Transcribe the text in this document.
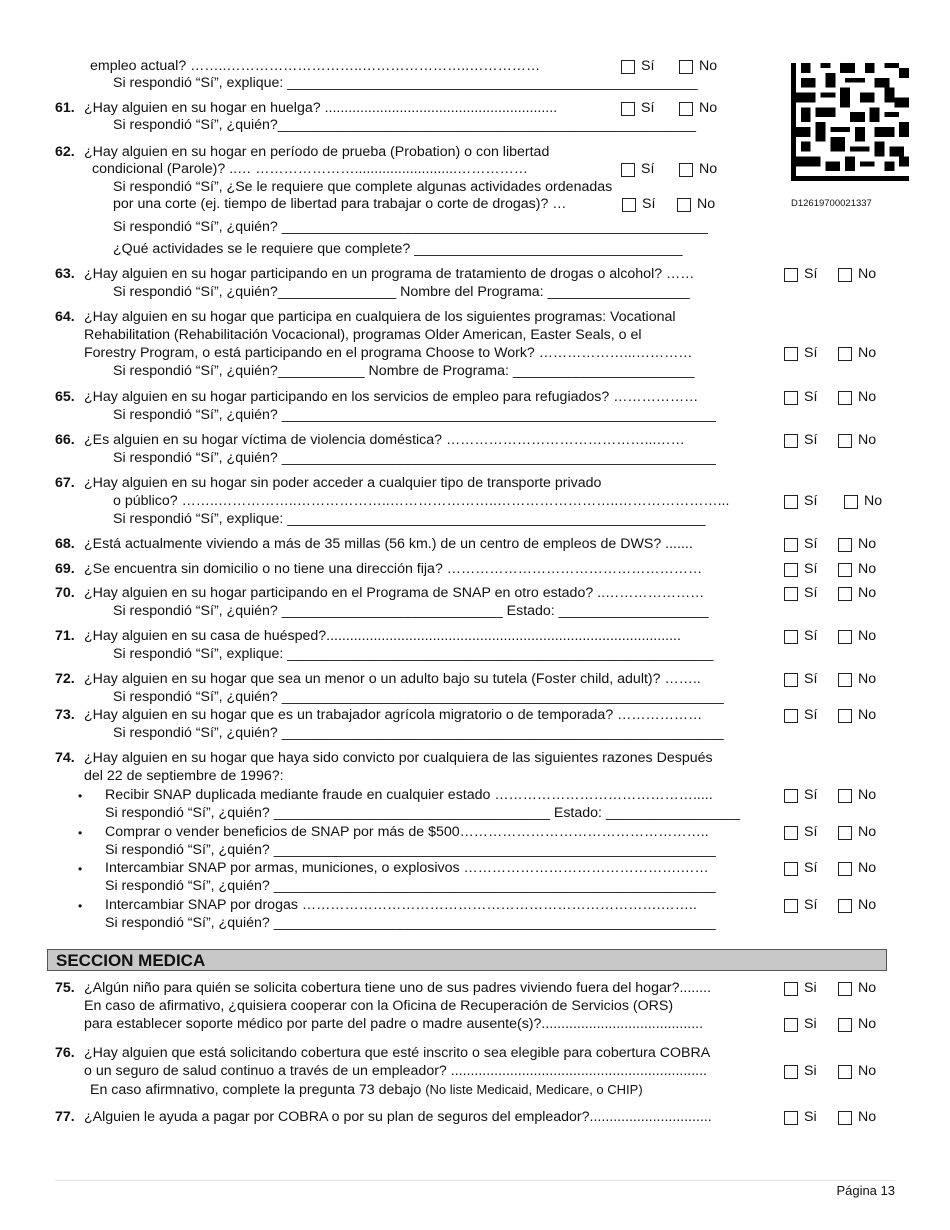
D12619700021337
empleo actual? ……..………………………..…………………..……………
Si respondió “Sí”, explique: ____________________________________________________
Sí	No
61. ¿Hay alguien en su hogar en huelga? ...........................................................
Si respondió “Sí”, ¿quién?_____________________________________________________
Sí	No
62. ¿Hay alguien en su hogar en período de prueba (Probation) o con libertad
condicional (Parole)? ..… …………………..........................……………	Sí	No
Si respondió “Sí”, ¿Se le requiere que complete algunas actividades ordenadas
por una corte (ej. tiempo de libertad para trabajar o corte de drogas)? …	Sí	No
Si respondió “Sí”, ¿quién? ______________________________________________________
¿Qué actividades se le requiere que complete? __________________________________
63. ¿Hay alguien en su hogar participando en un programa de tratamiento de drogas o alcohol? ……
Si respondió “Sí”, ¿quién?_______________ Nombre del Programa: __________________
Sí	No
64. ¿Hay alguien en su hogar que participa en cualquiera de los siguientes programas: Vocational
Rehabilitation (Rehabilitación Vocacional), programas Older American, Easter Seals, o el
Forestry Program, o está participando en el programa Choose to Work? ………………...…………
Si respondió “Sí”, ¿quién?___________ Nombre de Programa: _______________________
Sí	No
65. ¿Hay alguien en su hogar participando en los servicios de empleo para refugiados? ………………
Si respondió “Sí”, ¿quién? _______________________________________________________
Sí	No
66. ¿Es alguien en su hogar víctima de violencia doméstica? ……………………………………...……
Si respondió “Sí”, ¿quién? _______________________________________________________
Sí	No
67. ¿Hay alguien en su hogar sin poder acceder a cualquier tipo de transporte privado
o público? ……..……………..………………..…………………..……………………..…………………...
Si respondió “Sí”, explique: _____________________________________________________
Sí	No
68. ¿Está actualmente viviendo a más de 35 millas (56 km.) de un centro de empleos de DWS? .......	Sí	No
69. ¿Se encuentra sin domicilio o no tiene una dirección fija? ………………………………………………	Sí	No
70. ¿Hay alguien en su hogar participando en el Programa de SNAP en otro estado? ..…………………
Si respondió “Sí”, ¿quién? ____________________________ Estado: ___________________
Sí	No
71. ¿Hay alguien en su casa de huésped?..........................................................................................
Si respondió “Sí”, explique: ______________________________________________________
Sí	No
72. ¿Hay alguien en su hogar que sea un menor o un adulto bajo su tutela (Foster child, adult)? ……..
Si respondió “Sí”, ¿quién? ________________________________________________________
Sí	No
73. ¿Hay alguien en su hogar que es un trabajador agrícola migratorio o de temporada? ………………
Si respondió “Sí”, ¿quién? ________________________________________________________
Sí	No
74. ¿Hay alguien en su hogar que haya sido convicto por cualquiera de las siguientes razones Después
del 22 de septiembre de 1996?:
• Recibir SNAP duplicada mediante fraude en cualquier estado …………………………………….....
Si respondió “Sí”, ¿quién? ___________________________________ Estado: _________________
Sí	No
• Comprar o vender beneficios de SNAP por más de $500……………………………………………..
Si respondió “Sí”, ¿quién? ________________________________________________________
Sí	No
• Intercambiar SNAP por armas, municiones, o explosivos ……………………………………….……
Si respondió “Sí”, ¿quién? ________________________________________________________
Sí	No
• Intercambiar SNAP por drogas ………………………………………………………………….……..
Si respondió “Sí”, ¿quién? ________________________________________________________
Sí	No
SECCION MEDICA
75. ¿Algún niño para quién se solicita cobertura tiene uno de sus padres viviendo fuera del hogar?........
En caso de afirmativo, ¿quisiera cooperar con la Oficina de Recuperación de Servicios (ORS)
para establecer soporte médico por parte del padre o madre ausente(s)?.........................................
Si	No
Si	No
76. ¿Hay alguien que está solicitando cobertura que esté inscrito o sea elegible para cobertura COBRA
o un seguro de salud continuo a través de un empleador? .................................................................
En caso afirmnativo, complete la pregunta 73 debajo (No liste Medicaid, Medicare, o CHIP)
Si	No
77. ¿Alguien le ayuda a pagar por COBRA o por su plan de seguros del empleador?...............................	Si	No
Página 13
